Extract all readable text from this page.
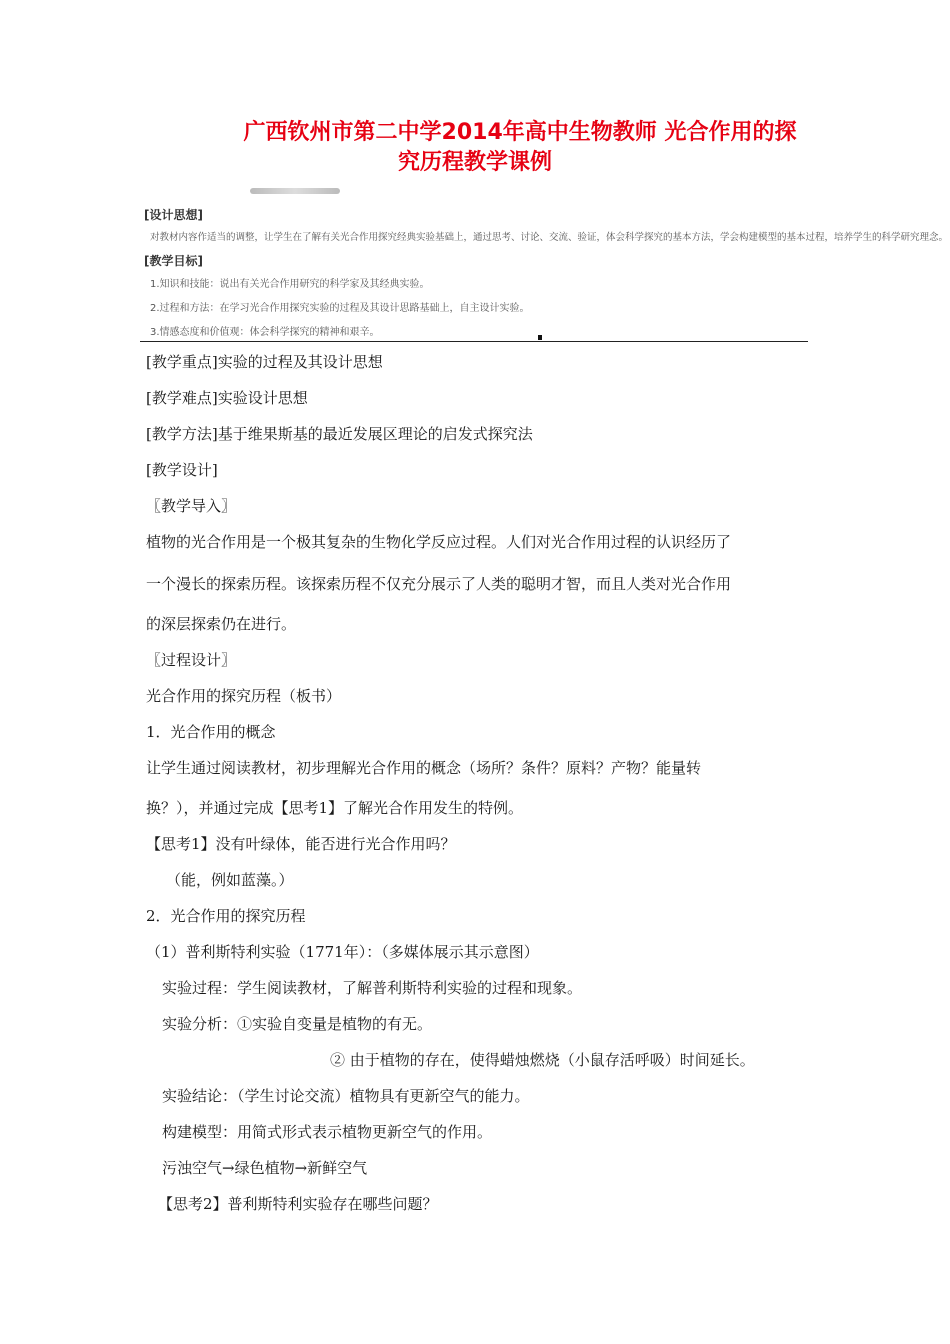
广西钦州市第二中学2014年高中生物教师 光合作用的探
究历程教学课例
[设计思想]
对教材内容作适当的调整，让学生在了解有关光合作用探究经典实验基础上，通过思考、讨论、交流、验证，体会科学探究的基本方法，学会构建模型的基本过程，培养学生的科学研究理念。
[教学目标]
1.知识和技能：说出有关光合作用研究的科学家及其经典实验。
2.过程和方法：在学习光合作用探究实验的过程及其设计思路基础上，自主设计实验。
3.情感态度和价值观：体会科学探究的精神和艰辛。
[教学重点]实验的过程及其设计思想
[教学难点]实验设计思想
[教学方法]基于维果斯基的最近发展区理论的启发式探究法
[教学设计]
〖教学导入〗
植物的光合作用是一个极其复杂的生物化学反应过程。人们对光合作用过程的认识经历了
一个漫长的探索历程。该探索历程不仅充分展示了人类的聪明才智，而且人类对光合作用
的深层探索仍在进行。
〖过程设计〗
光合作用的探究历程（板书）
1．光合作用的概念
让学生通过阅读教材，初步理解光合作用的概念（场所？条件？原料？产物？能量转
换？），并通过完成【思考1】了解光合作用发生的特例。
【思考1】没有叶绿体，能否进行光合作用吗？
（能，例如蓝藻。）
2．光合作用的探究历程
（1）普利斯特利实验（1771年）：（多媒体展示其示意图）
实验过程：学生阅读教材，了解普利斯特利实验的过程和现象。
实验分析：①实验自变量是植物的有无。
② 由于植物的存在，使得蜡烛燃烧（小鼠存活呼吸）时间延长。
实验结论：（学生讨论交流）植物具有更新空气的能力。
构建模型：用简式形式表示植物更新空气的作用。
污浊空气→绿色植物→新鲜空气
【思考2】普利斯特利实验存在哪些问题？
